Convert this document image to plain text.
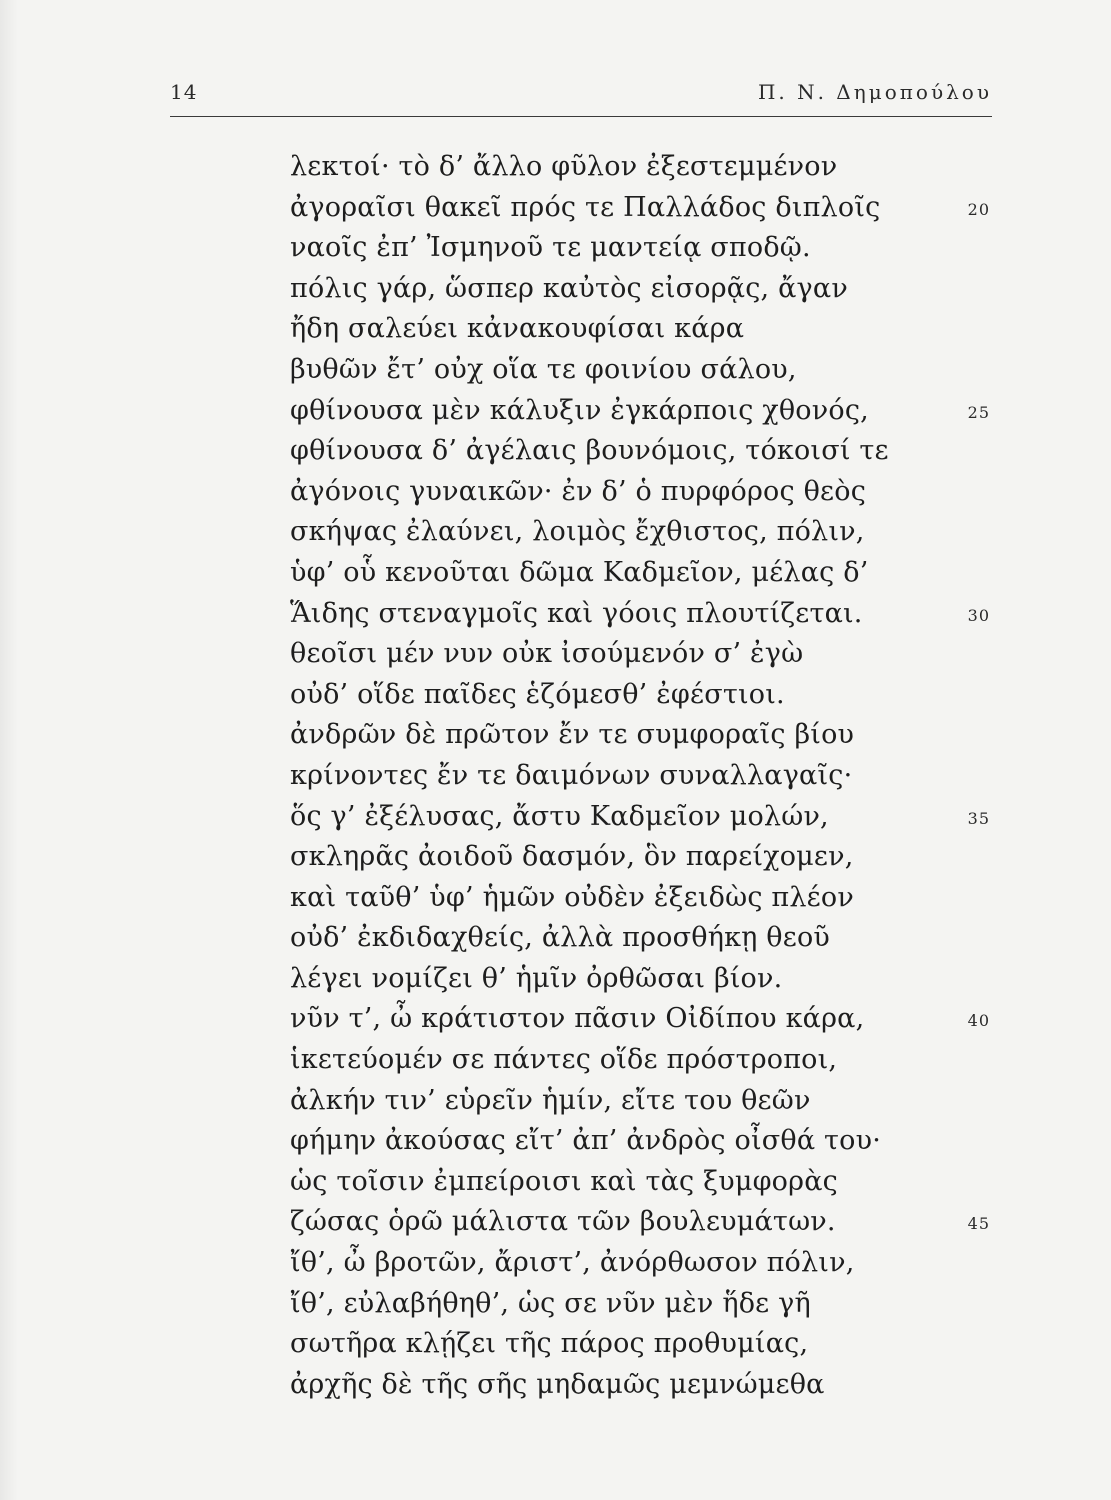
14	Π. Ν. Δημοπούλου
λεκτοί· τὸ δ’ ἄλλο φῦλον ἐξεστεμμένον
ἀγοραῖσι θακεῖ πρός τε Παλλάδος διπλοῖς	20
ναοῖς ἐπ’ Ἰσμηνοῦ τε μαντείᾳ σποδῷ.
πόλις γάρ, ὥσπερ καὐτὸς εἰσορᾷς, ἄγαν
ἤδη σαλεύει κἀνακουφίσαι κάρα
βυθῶν ἔτ’ οὐχ οἵα τε φοινίου σάλου,
φθίνουσα μὲν κάλυξιν ἐγκάρποις χθονός,	25
φθίνουσα δ’ ἀγέλαις βουνόμοις, τόκοισί τε
ἀγόνοις γυναικῶν· ἐν δ’ ὁ πυρφόρος θεὸς
σκήψας ἐλαύνει, λοιμὸς ἔχθιστος, πόλιν,
ὑφ’ οὗ κενοῦται δῶμα Καδμεῖον, μέλας δ’
Ἅιδης στεναγμοῖς καὶ γόοις πλουτίζεται.	30
θεοῖσι μέν νυν οὐκ ἰσούμενόν σ’ ἐγὼ
οὐδ’ οἵδε παῖδες ἑζόμεσθ’ ἐφέστιοι.
ἀνδρῶν δὲ πρῶτον ἔν τε συμφοραῖς βίου
κρίνοντες ἔν τε δαιμόνων συναλλαγαῖς·
ὅς γ’ ἐξέλυσας, ἄστυ Καδμεῖον μολών,	35
σκληρᾶς ἀοιδοῦ δασμόν, ὃν παρείχομεν,
καὶ ταῦθ’ ὑφ’ ἡμῶν οὐδὲν ἐξειδὼς πλέον
οὐδ’ ἐκδιδαχθείς, ἀλλὰ προσθήκῃ θεοῦ
λέγει νομίζει θ’ ἡμῖν ὀρθῶσαι βίον.
νῦν τ’, ὦ κράτιστον πᾶσιν Οἰδίπου κάρα,	40
ἱκετεύομέν σε πάντες οἵδε πρόστροποι,
ἀλκήν τιν’ εὑρεῖν ἡμίν, εἴτε του θεῶν
φήμην ἀκούσας εἴτ’ ἀπ’ ἀνδρὸς οἶσθά του·
ὡς τοῖσιν ἐμπείροισι καὶ τὰς ξυμφορὰς
ζώσας ὁρῶ μάλιστα τῶν βουλευμάτων.	45
ἴθ’, ὦ βροτῶν, ἄριστ’, ἀνόρθωσον πόλιν,
ἴθ’, εὐλαβήθηθ’, ὡς σε νῦν μὲν ἥδε γῆ
σωτῆρα κλῄζει τῆς πάρος προθυμίας,
ἀρχῆς δὲ τῆς σῆς μηδαμῶς μεμνώμεθα
